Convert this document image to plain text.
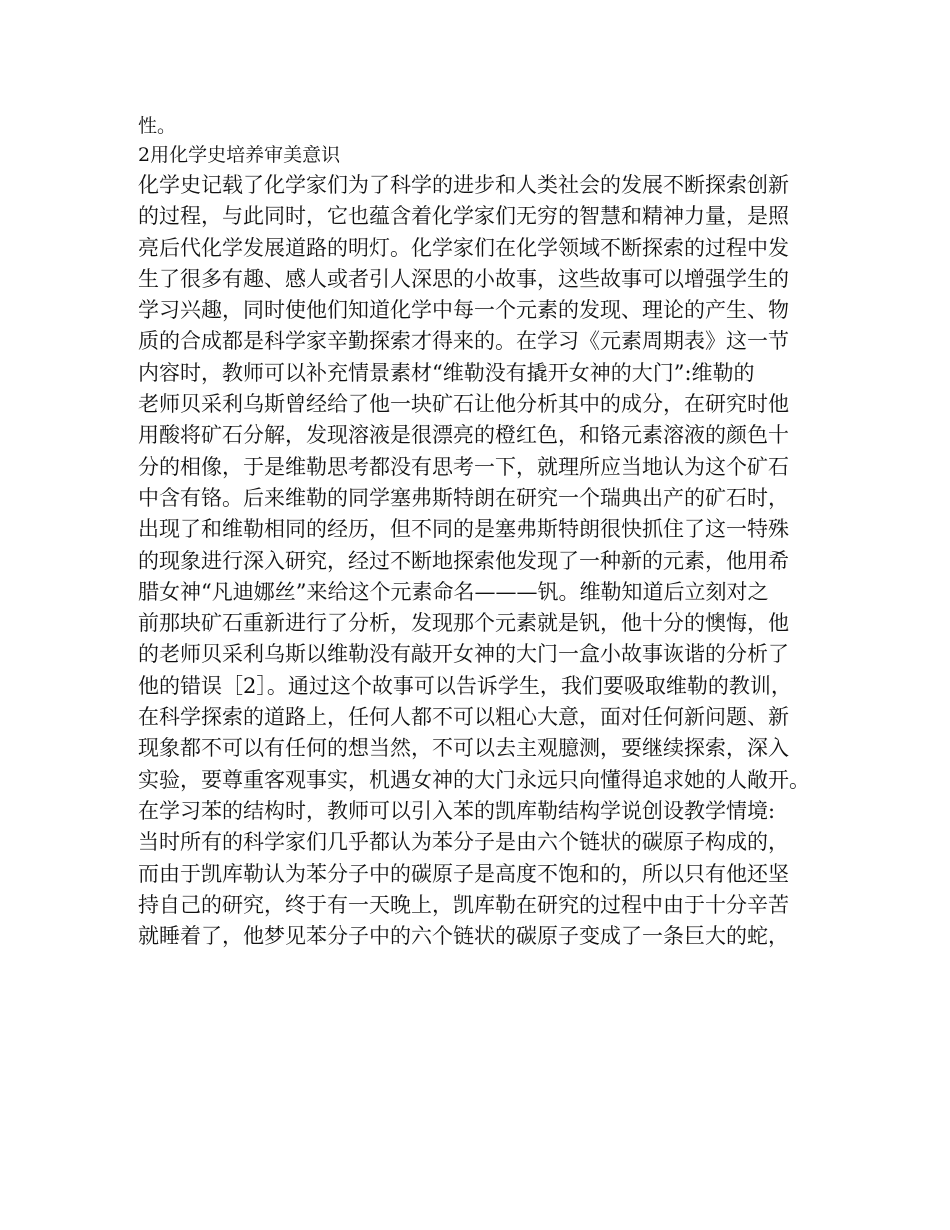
性。
2用化学史培养审美意识
化学史记载了化学家们为了科学的进步和人类社会的发展不断探索创新
的过程，与此同时，它也蕴含着化学家们无穷的智慧和精神力量，是照
亮后代化学发展道路的明灯。化学家们在化学领域不断探索的过程中发
生了很多有趣、感人或者引人深思的小故事，这些故事可以增强学生的
学习兴趣，同时使他们知道化学中每一个元素的发现、理论的产生、物
质的合成都是科学家辛勤探索才得来的。在学习《元素周期表》这一节
内容时，教师可以补充情景素材“维勒没有撬开女神的大门”:维勒的
老师贝采利乌斯曾经给了他一块矿石让他分析其中的成分，在研究时他
用酸将矿石分解，发现溶液是很漂亮的橙红色，和铬元素溶液的颜色十
分的相像，于是维勒思考都没有思考一下，就理所应当地认为这个矿石
中含有铬。后来维勒的同学塞弗斯特朗在研究一个瑞典出产的矿石时，
出现了和维勒相同的经历，但不同的是塞弗斯特朗很快抓住了这一特殊
的现象进行深入研究，经过不断地探索他发现了一种新的元素，他用希
腊女神“凡迪娜丝”来给这个元素命名———钒。维勒知道后立刻对之
前那块矿石重新进行了分析，发现那个元素就是钒，他十分的懊悔，他
的老师贝采利乌斯以维勒没有敲开女神的大门一盒小故事诙谐的分析了
他的错误［2］。通过这个故事可以告诉学生，我们要吸取维勒的教训，
在科学探索的道路上，任何人都不可以粗心大意，面对任何新问题、新
现象都不可以有任何的想当然，不可以去主观臆测，要继续探索，深入
实验，要尊重客观事实，机遇女神的大门永远只向懂得追求她的人敞开。
在学习苯的结构时，教师可以引入苯的凯库勒结构学说创设教学情境:
当时所有的科学家们几乎都认为苯分子是由六个链状的碳原子构成的，
而由于凯库勒认为苯分子中的碳原子是高度不饱和的，所以只有他还坚
持自己的研究，终于有一天晚上，凯库勒在研究的过程中由于十分辛苦
就睡着了，他梦见苯分子中的六个链状的碳原子变成了一条巨大的蛇，
